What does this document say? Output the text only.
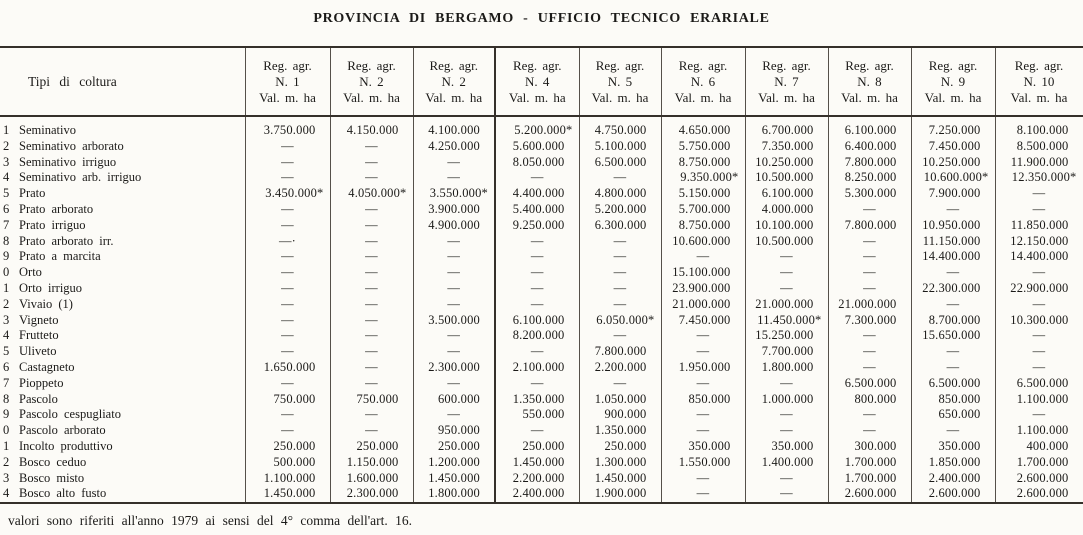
PROVINCIA DI BERGAMO - UFFICIO TECNICO ERARIALE
Tipi di coltura	
Reg. agr.
N. 1
Val. m. ha

Reg. agr.
N. 2
Val. m. ha

Reg. agr.
N. 2
Val. m. ha

Reg. agr.
N. 4
Val. m. ha

Reg. agr.
N. 5
Val. m. ha

Reg. agr.
N. 6
Val. m. ha

Reg. agr.
N. 7
Val. m. ha

Reg. agr.
N. 8
Val. m. ha

Reg. agr.
N. 9
Val. m. ha

Reg. agr.
N. 10
Val. m. ha

1 Seminativo	3.750.000	4.150.000	4.100.000	5.200.000*	4.750.000	4.650.000	6.700.000	6.100.000	7.250.000	8.100.000
2 Seminativo arborato	—	—	4.250.000	5.600.000	5.100.000	5.750.000	7.350.000	6.400.000	7.450.000	8.500.000
3 Seminativo irriguo	—	—	—	8.050.000	6.500.000	8.750.000	10.250.000	7.800.000	10.250.000	11.900.000
4 Seminativo arb. irriguo	—	—	—	—	—	9.350.000*	10.500.000	8.250.000	10.600.000*	12.350.000*
5 Prato	3.450.000*	4.050.000*	3.550.000*	4.400.000	4.800.000	5.150.000	6.100.000	5.300.000	7.900.000	—
6 Prato arborato	—	—	3.900.000	5.400.000	5.200.000	5.700.000	4.000.000	—	—	—
7 Prato irriguo	—	—	4.900.000	9.250.000	6.300.000	8.750.000	10.100.000	7.800.000	10.950.000	11.850.000
8 Prato arborato irr.	—·	—	—	—	—	10.600.000	10.500.000	—	11.150.000	12.150.000
9 Prato a marcita	—	—	—	—	—	—	—	—	14.400.000	14.400.000
0 Orto	—	—	—	—	—	15.100.000	—	—	—	—
1 Orto irriguo	—	—	—	—	—	23.900.000	—	—	22.300.000	22.900.000
2 Vivaio (1)	—	—	—	—	—	21.000.000	21.000.000	21.000.000	—	—
3 Vigneto	—	—	3.500.000	6.100.000	6.050.000*	7.450.000	11.450.000*	7.300.000	8.700.000	10.300.000
4 Frutteto	—	—	—	8.200.000	—	—	15.250.000	—	15.650.000	—
5 Uliveto	—	—	—	—	7.800.000	—	7.700.000	—	—	—
6 Castagneto	1.650.000	—	2.300.000	2.100.000	2.200.000	1.950.000	1.800.000	—	—	—
7 Pioppeto	—	—	—	—	—	—	—	6.500.000	6.500.000	6.500.000
8 Pascolo	750.000	750.000	600.000	1.350.000	1.050.000	850.000	1.000.000	800.000	850.000	1.100.000
9 Pascolo cespugliato	—	—	—	550.000	900.000	—	—	—	650.000	—
0 Pascolo arborato	—	—	950.000	—	1.350.000	—	—	—	—	1.100.000
1 Incolto produttivo	250.000	250.000	250.000	250.000	250.000	350.000	350.000	300.000	350.000	400.000
2 Bosco ceduo	500.000	1.150.000	1.200.000	1.450.000	1.300.000	1.550.000	1.400.000	1.700.000	1.850.000	1.700.000
3 Bosco misto	1.100.000	1.600.000	1.450.000	2.200.000	1.450.000	—	—	1.700.000	2.400.000	2.600.000
4 Bosco alto fusto	1.450.000	2.300.000	1.800.000	2.400.000	1.900.000	—	—	2.600.000	2.600.000	2.600.000
valori sono riferiti all'anno 1979 ai sensi del 4° comma dell'art. 16.
